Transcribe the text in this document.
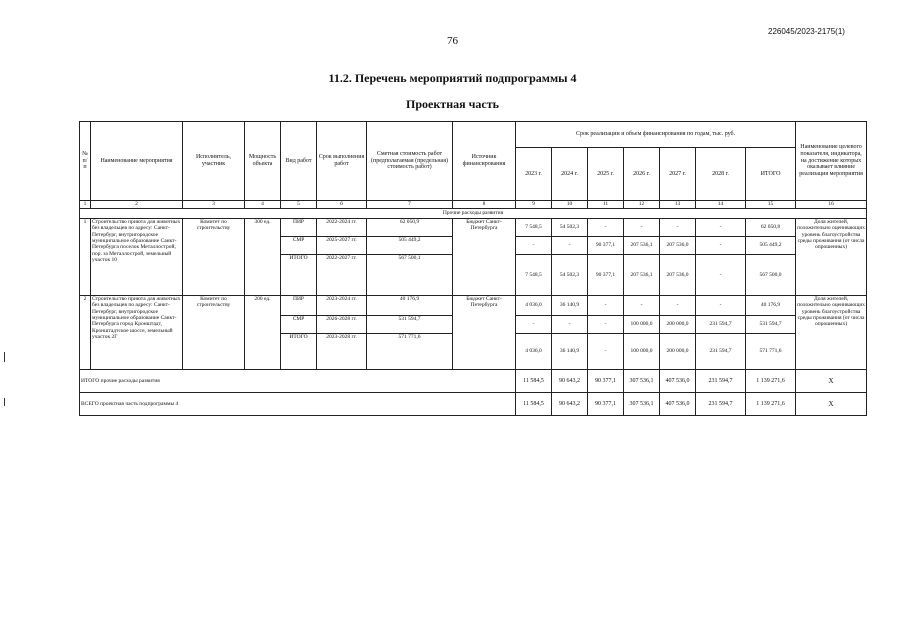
226045/2023-2175(1)
76
11.2. Перечень мероприятий подпрограммы 4
Проектная часть
№ п/п	Наименование мероприятия	Исполнитель, участник	Мощность объекта	Вид работ	Срок выполнения работ	Сметная стоимость работ (предполагаемая (предельная) стоимость работ)	Источник финансирования	Срок реализации и объем финансирования по годам, тыс. руб.							Наименование целевого показателя, индикатора, на достижение которых оказывает влияние реализация мероприятия
								2023 г.	2024 г.	2025 г.	2026 г.	2027 г.	2028 г.	ИТОГО	
1	2	3	4	5	6	7	8	9	10	11	12	13	14	15	16
Прочие расходы развития															
1	Строительство приюта для животных без владельцев по адресу: Санкт-Петербург, внутригородское муниципальное образование Санкт-Петербурга поселок Металлострой, пор. за Металлострой, земельный участок 10	Комитет по строительству	300 ед.	ПИР	2022-2024 гг.	62 050,9	Бюджет Санкт-Петербурга	7 548,5	54 502,3	-	-	-	-	62 050,8	Доля жителей, положительно оценивающих уровень благоустройства среды проживания (от числа опрошенных)
				СМР	2025-2027 гг.	505 449,2		-	-	90 377,1	207 536,1	207 536,0	-	505 449,2	
				ИТОГО	2022-2027 гг.	567 500,1		7 548,5	54 502,3	90 377,1	207 536,1	207 536,0	-	567 500,0	
2	Строительство приюта для животных без владельцев по адресу: Санкт-Петербург, внутригородское муниципальное образование Санкт-Петербурга город Кронштадт, Кронштадтское шоссе, земельный участок 2Г	Комитет по строительству	200 ед.	ПИР	2023-2024 гг.	40 176,9	Бюджет Санкт-Петербурга	4 036,0	36 140,9	-	-	-	-	40 176,9	Доля жителей, положительно оценивающих уровень благоустройства среды проживания (от числа опрошенных)
				СМР	2026-2028 гг.	531 594,7		-	-	-	100 000,0	200 000,0	231 594,7	531 594,7	
				ИТОГО	2023-2028 гг.	571 771,6		4 036,0	36 140,9	-	100 000,0	200 000,0	231 594,7	571 771,6	
ИТОГО прочие расходы развития								11 584,5	90 643,2	90 377,1	307 536,1	407 536,0	231 594,7	1 139 271,6	Х
ВСЕГО проектная часть подпрограммы 4								11 584,5	90 643,2	90 377,1	307 536,1	407 536,0	231 594,7	1 139 271,6	Х
